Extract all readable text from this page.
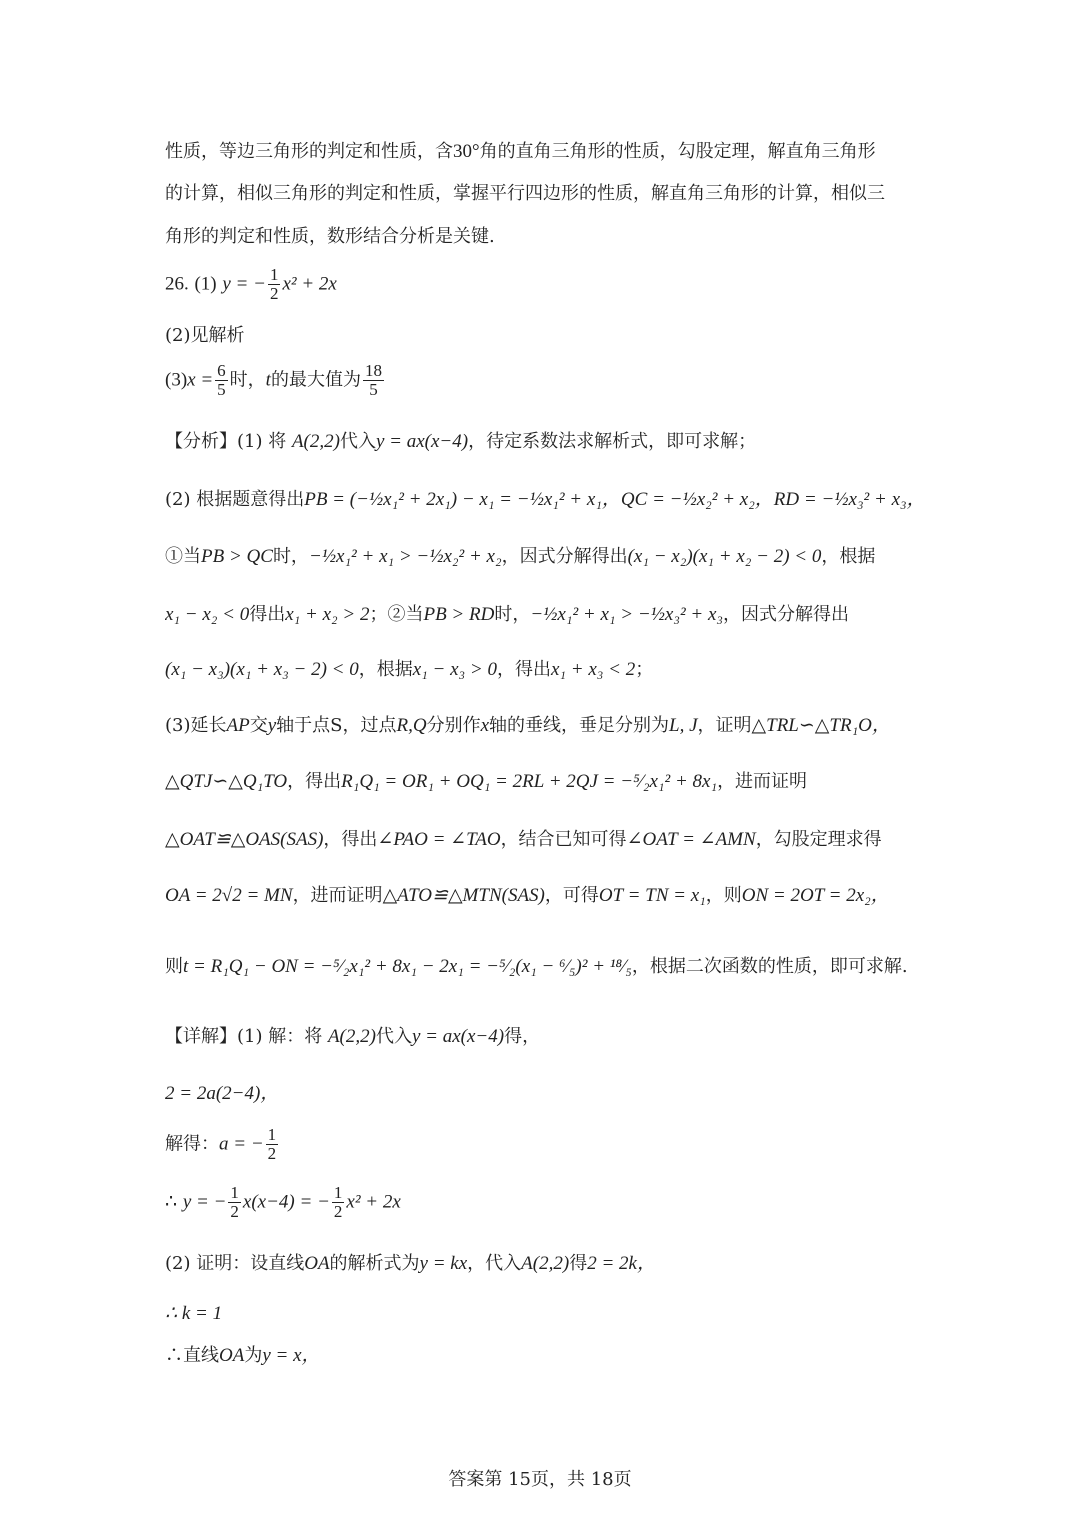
性质，等边三角形的判定和性质，含30°角的直角三角形的性质，勾股定理，解直角三角形
的计算，相似三角形的判定和性质，掌握平行四边形的性质，解直角三角形的计算，相似三
角形的判定和性质，数形结合分析是关键.
26. (1) y = − $\frac{1}{2} x^2 + 2x$
(2)见解析
$(3)x = \frac{6}{5}$ 时，t的最大值为 $\frac{18}{5}$
【分析】(1) 将 A(2,2)代入y = ax(x−4)，待定系数法求解析式，即可求解；
(2) 根据题意得出PB = (−½x₁² + 2x₁) − x₁ = −½x₁² + x₁，QC = −½x₂² + x₂，RD = −½x₃² + x₃，
①当PB > QC时，−½x₁² + x₁ > −½x₂² + x₂，因式分解得出(x₁ − x₂)(x₁ + x₂ − 2) < 0，根据
x₁ − x₂ < 0得出x₁ + x₂ > 2；②当PB > RD时，−½x₁² + x₁ > −½x₃² + x₃，因式分解得出
(x₁ − x₃)(x₁ + x₃ − 2) < 0，根据x₁ − x₃ > 0，得出x₁ + x₃ < 2；
(3)延长AP交y轴于点S，过点R,Q分别作x轴的垂线，垂足分别为L, J，证明△TRL∽△TR₁O，
△QTJ∽△Q₁TO，得出R₁Q₁ = OR₁ + OQ₁ = 2RL + 2QJ = −⁵⁄₂x₁² + 8x₁，进而证明
△OAT≌△OAS(SAS)，得出∠PAO = ∠TAO，结合已知可得∠OAT = ∠AMN，勾股定理求得
OA = 2√2 = MN，进而证明△ATO≌△MTN(SAS)，可得OT = TN = x₁，则ON = 2OT = 2x₂，
则t = R₁Q₁ − ON = −⁵⁄₂x₁² + 8x₁ − 2x₁ = −⁵⁄₂(x₁ − ⁶⁄₅)² + ¹⁸⁄₅，根据二次函数的性质，即可求解.
【详解】(1) 解：将 A(2,2)代入y = ax(x−4)得，
2 = 2a(2−4)，
解得：a = − $\frac{1}{2}$
∴ y = − $\frac{1}{2} x(x-4)$ = − $\frac{1}{2} x^2 + 2x$
(2) 证明：设直线OA的解析式为y = kx，代入A(2,2)得2 = 2k，
∴ k = 1
∴直线OA为y = x，
答案第 15页，共 18页
